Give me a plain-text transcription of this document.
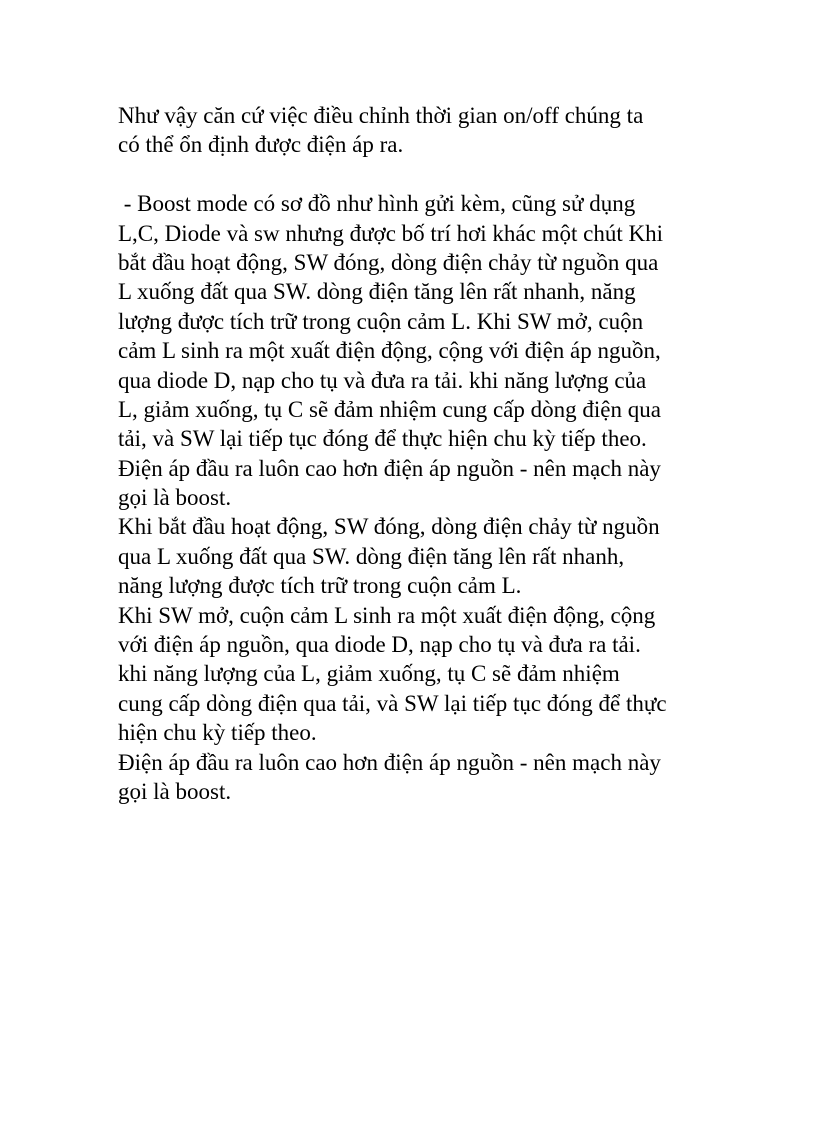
Như vậy căn cứ việc điều chỉnh thời gian on/off chúng ta
có thể ổn định được điện áp ra.
- Boost mode có sơ đồ như hình gửi kèm, cũng sử dụng
L,C, Diode và sw nhưng được bố trí hơi khác một chút Khi
bắt đầu hoạt động, SW đóng, dòng điện chảy từ nguồn qua
L xuống đất qua SW. dòng điện tăng lên rất nhanh, năng
lượng được tích trữ trong cuộn cảm L. Khi SW mở, cuộn
cảm L sinh ra một xuất điện động, cộng với điện áp nguồn,
qua diode D, nạp cho tụ và đưa ra tải. khi năng lượng của
L, giảm xuống, tụ C sẽ đảm nhiệm cung cấp dòng điện qua
tải, và SW lại tiếp tục đóng để thực hiện chu kỳ tiếp theo.
Điện áp đầu ra luôn cao hơn điện áp nguồn - nên mạch này
gọi là boost.
Khi bắt đầu hoạt động, SW đóng, dòng điện chảy từ nguồn
qua L xuống đất qua SW. dòng điện tăng lên rất nhanh,
năng lượng được tích trữ trong cuộn cảm L.
Khi SW mở, cuộn cảm L sinh ra một xuất điện động, cộng
với điện áp nguồn, qua diode D, nạp cho tụ và đưa ra tải.
khi năng lượng của L, giảm xuống, tụ C sẽ đảm nhiệm
cung cấp dòng điện qua tải, và SW lại tiếp tục đóng để thực
hiện chu kỳ tiếp theo.
Điện áp đầu ra luôn cao hơn điện áp nguồn - nên mạch này
gọi là boost.
